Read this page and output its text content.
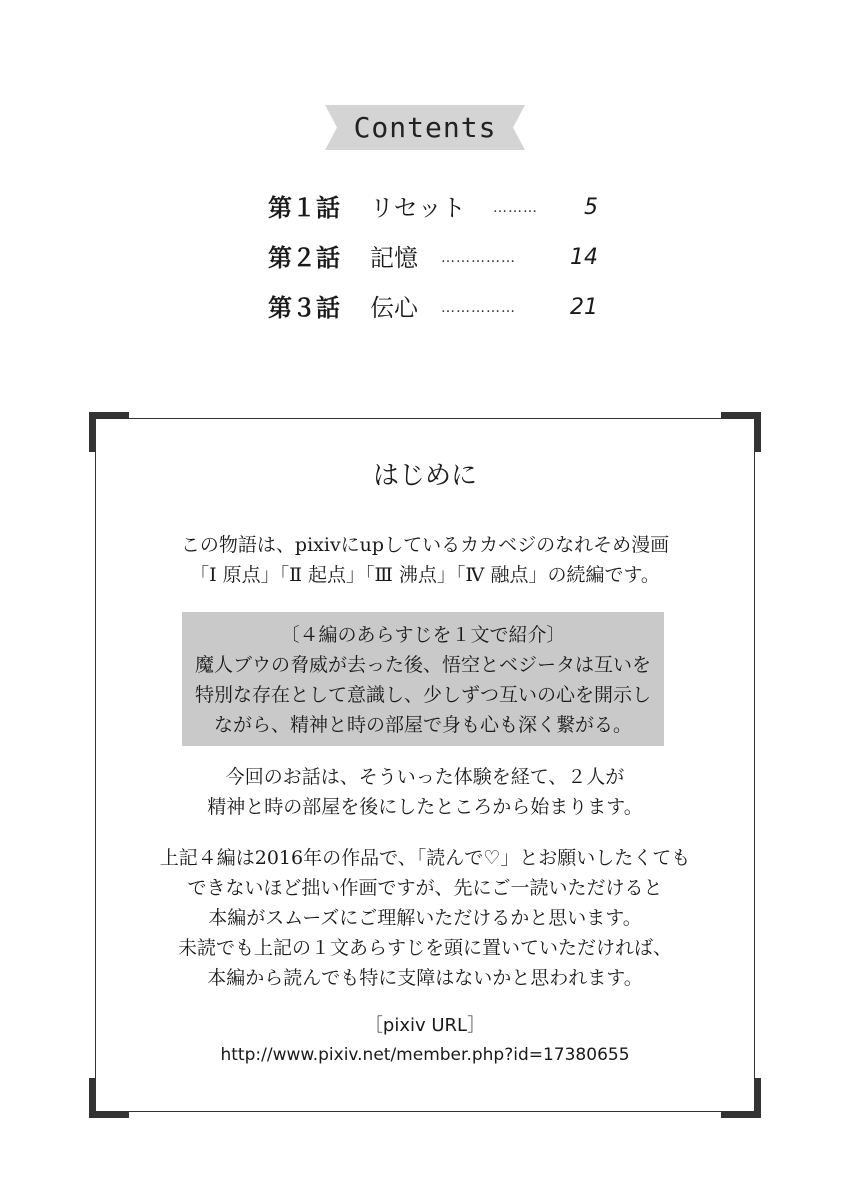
Contents
第１話 リセット ……… 5
第２話 記憶 …………… 14
第３話 伝心 …………… 21
はじめに
この物語は、pixivにupしているカカベジのなれそめ漫画
「Ⅰ 原点」「Ⅱ 起点」「Ⅲ 沸点」「Ⅳ 融点」の続編です。
〔４編のあらすじを１文で紹介〕
魔人ブウの脅威が去った後、悟空とベジータは互いを
特別な存在として意識し、少しずつ互いの心を開示し
ながら、精神と時の部屋で身も心も深く繋がる。
今回のお話は、そういった体験を経て、２人が
精神と時の部屋を後にしたところから始まります。
上記４編は2016年の作品で、「読んで♡」とお願いしたくても
できないほど拙い作画ですが、先にご一読いただけると
本編がスムーズにご理解いただけるかと思います。
未読でも上記の１文あらすじを頭に置いていただければ、
本編から読んでも特に支障はないかと思われます。
［pixiv URL］
http://www.pixiv.net/member.php?id=17380655
